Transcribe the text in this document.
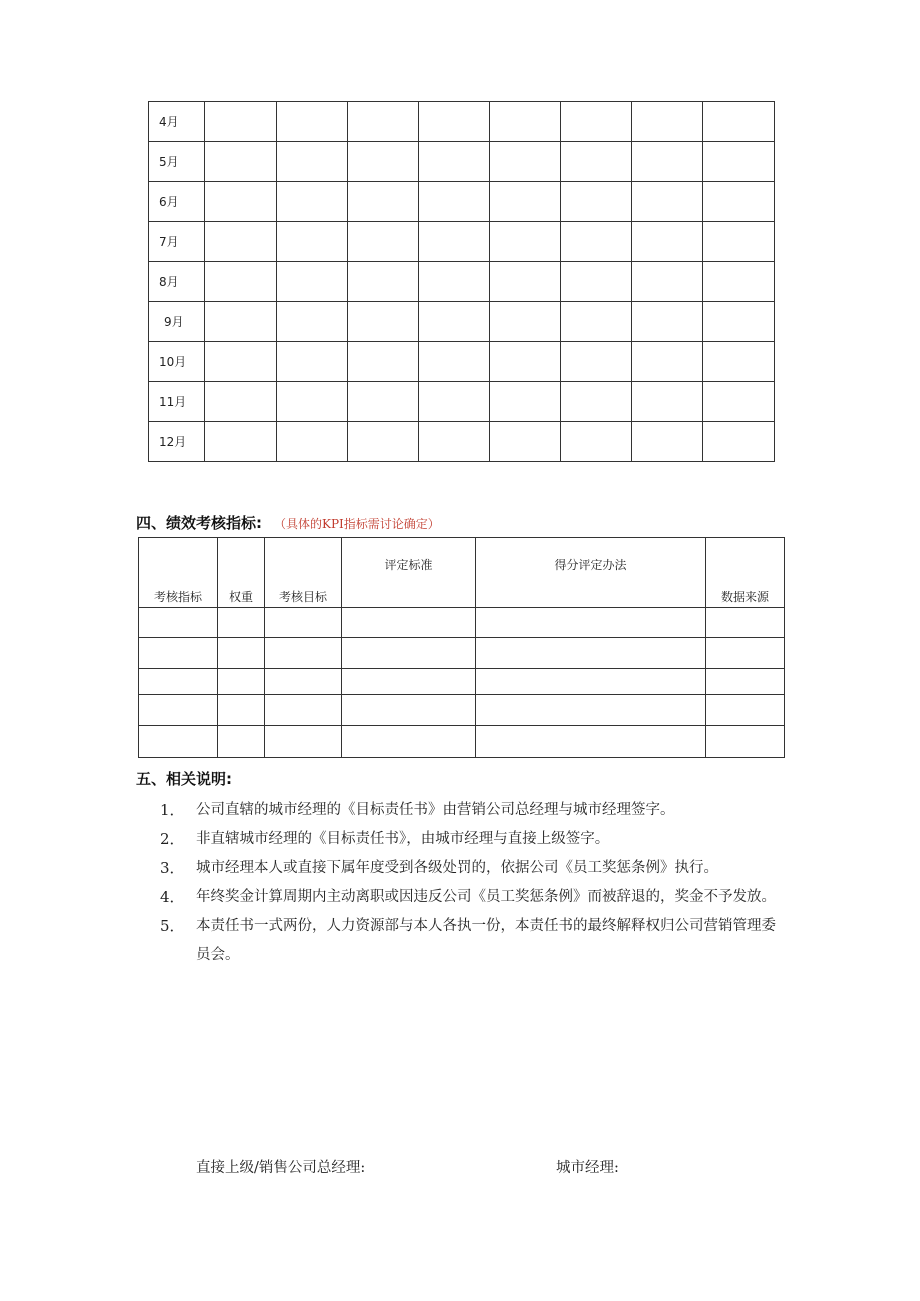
4月								
5月								
6月								
7月								
8月								
9月								
10月								
11月								
12月								
四、绩效考核指标: （具体的KPI指标需讨论确定）
考核指标	权重	考核目标	评定标准	得分评定办法	数据来源

五、相关说明:
1． 公司直辖的城市经理的《目标责任书》由营销公司总经理与城市经理签字。
2． 非直辖城市经理的《目标责任书》，由城市经理与直接上级签字。
3． 城市经理本人或直接下属年度受到各级处罚的，依据公司《员工奖惩条例》执行。
4． 年终奖金计算周期内主动离职或因违反公司《员工奖惩条例》而被辞退的，奖金不予发放。
5． 本责任书一式两份，人力资源部与本人各执一份，本责任书的最终解释权归公司营销管理委员会。
直接上级/销售公司总经理:	城市经理:
